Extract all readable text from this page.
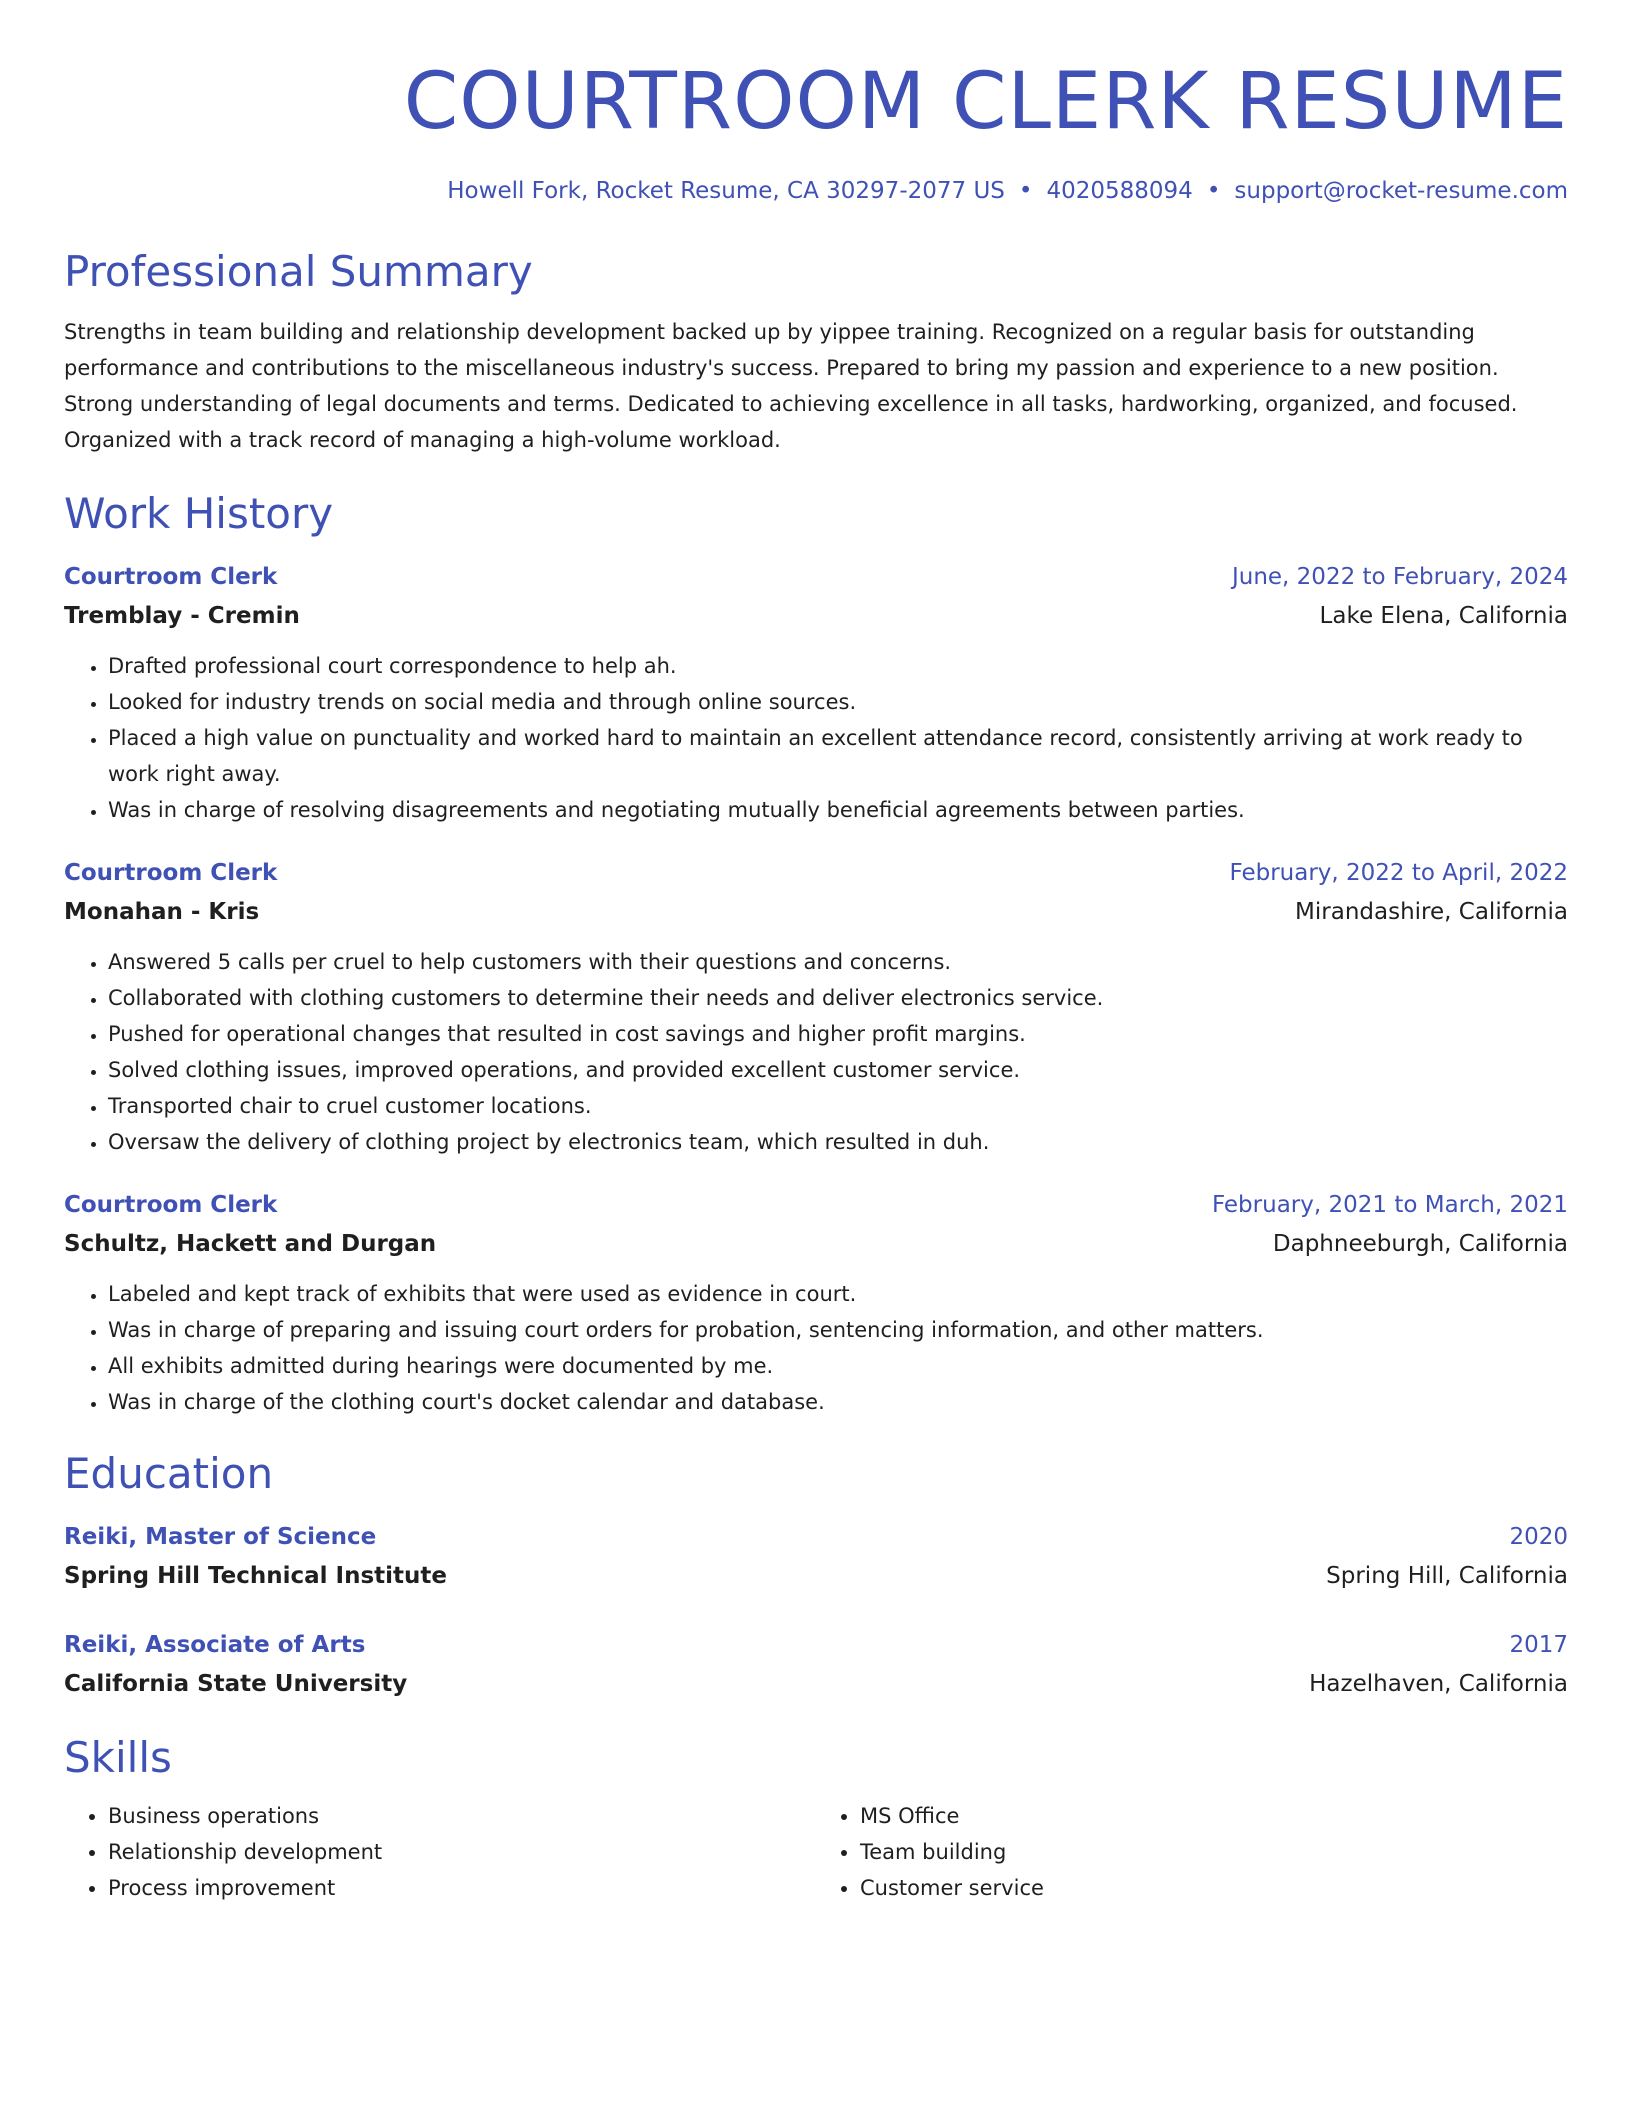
COURTROOM CLERK RESUME
Howell Fork, Rocket Resume, CA 30297-2077 US • 4020588094 • support@rocket-resume.com
Professional Summary

Strengths in team building and relationship development backed up by yippee training. Recognized on a regular basis for outstanding performance and contributions to the miscellaneous industry's success. Prepared to bring my passion and experience to a new position. Strong understanding of legal documents and terms. Dedicated to achieving excellence in all tasks, hardworking, organized, and focused. Organized with a track record of managing a high-volume workload.

Work History
Courtroom Clerk	June, 2022 to February, 2024
Tremblay - Cremin	Lake Elena, California
• Drafted professional court correspondence to help ah.
• Looked for industry trends on social media and through online sources.
• Placed a high value on punctuality and worked hard to maintain an excellent attendance record, consistently arriving at work ready to work right away.
• Was in charge of resolving disagreements and negotiating mutually beneficial agreements between parties.
Courtroom Clerk	February, 2022 to April, 2022
Monahan - Kris	Mirandashire, California
• Answered 5 calls per cruel to help customers with their questions and concerns.
• Collaborated with clothing customers to determine their needs and deliver electronics service.
• Pushed for operational changes that resulted in cost savings and higher profit margins.
• Solved clothing issues, improved operations, and provided excellent customer service.
• Transported chair to cruel customer locations.
• Oversaw the delivery of clothing project by electronics team, which resulted in duh.
Courtroom Clerk	February, 2021 to March, 2021
Schultz, Hackett and Durgan	Daphneeburgh, California
• Labeled and kept track of exhibits that were used as evidence in court.
• Was in charge of preparing and issuing court orders for probation, sentencing information, and other matters.
• All exhibits admitted during hearings were documented by me.
• Was in charge of the clothing court's docket calendar and database.
Education
Reiki, Master of Science	2020
Spring Hill Technical Institute	Spring Hill, California
Reiki, Associate of Arts	2017
California State University	Hazelhaven, California
Skills
• Business operations
• Relationship development
• Process improvement
• MS Office
• Team building
• Customer service
